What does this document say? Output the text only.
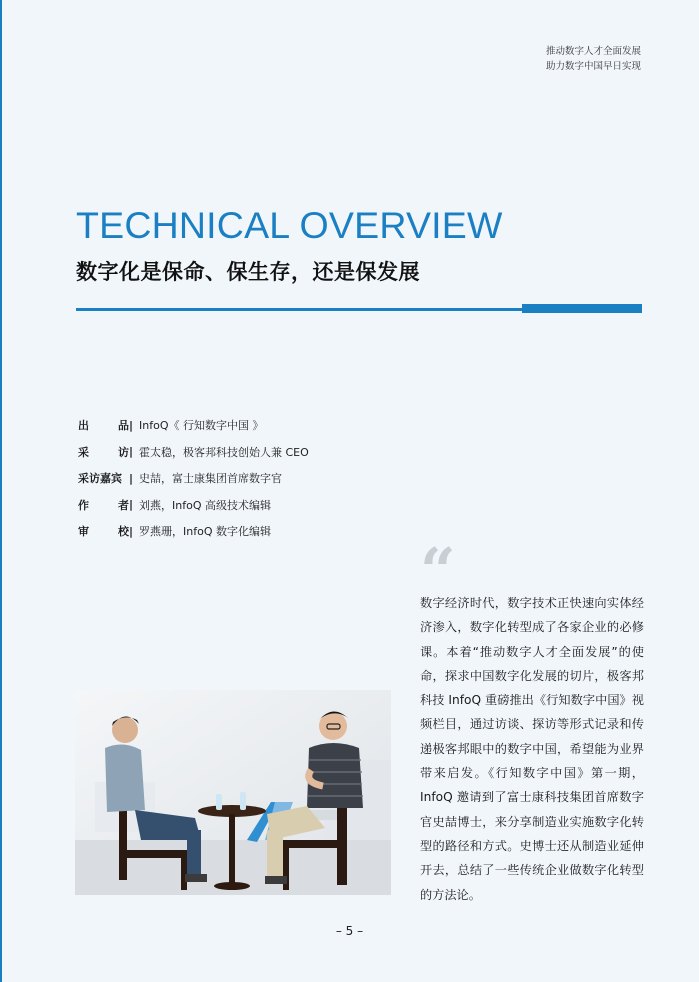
推动数字人才全面发展
助力数字中国早日实现
TECHNICAL OVERVIEW
数字化是保命、保生存，还是保发展
出	品 | InfoQ《 行知数字中国 》
采	访 | 霍太稳，极客邦科技创始人兼 CEO
采访嘉宾 | 史喆，富士康集团首席数字官
作	者 | 刘燕，InfoQ 高级技术编辑
审	校 | 罗燕珊，InfoQ 数字化编辑
“
数字经济时代，数字技术正快速向实体经济渗入，数字化转型成了各家企业的必修课。本着“推动数字人才全面发展”的使命，探求中国数字化发展的切片，极客邦科技 InfoQ 重磅推出《行知数字中国》视频栏目，通过访谈、探访等形式记录和传递极客邦眼中的数字中国，希望能为业界带来启发。《行知数字中国》第一期，InfoQ 邀请到了富士康科技集团首席数字官史喆博士，来分享制造业实施数字化转型的路径和方式。史博士还从制造业延伸开去，总结了一些传统企业做数字化转型的方法论。
– 5 –
